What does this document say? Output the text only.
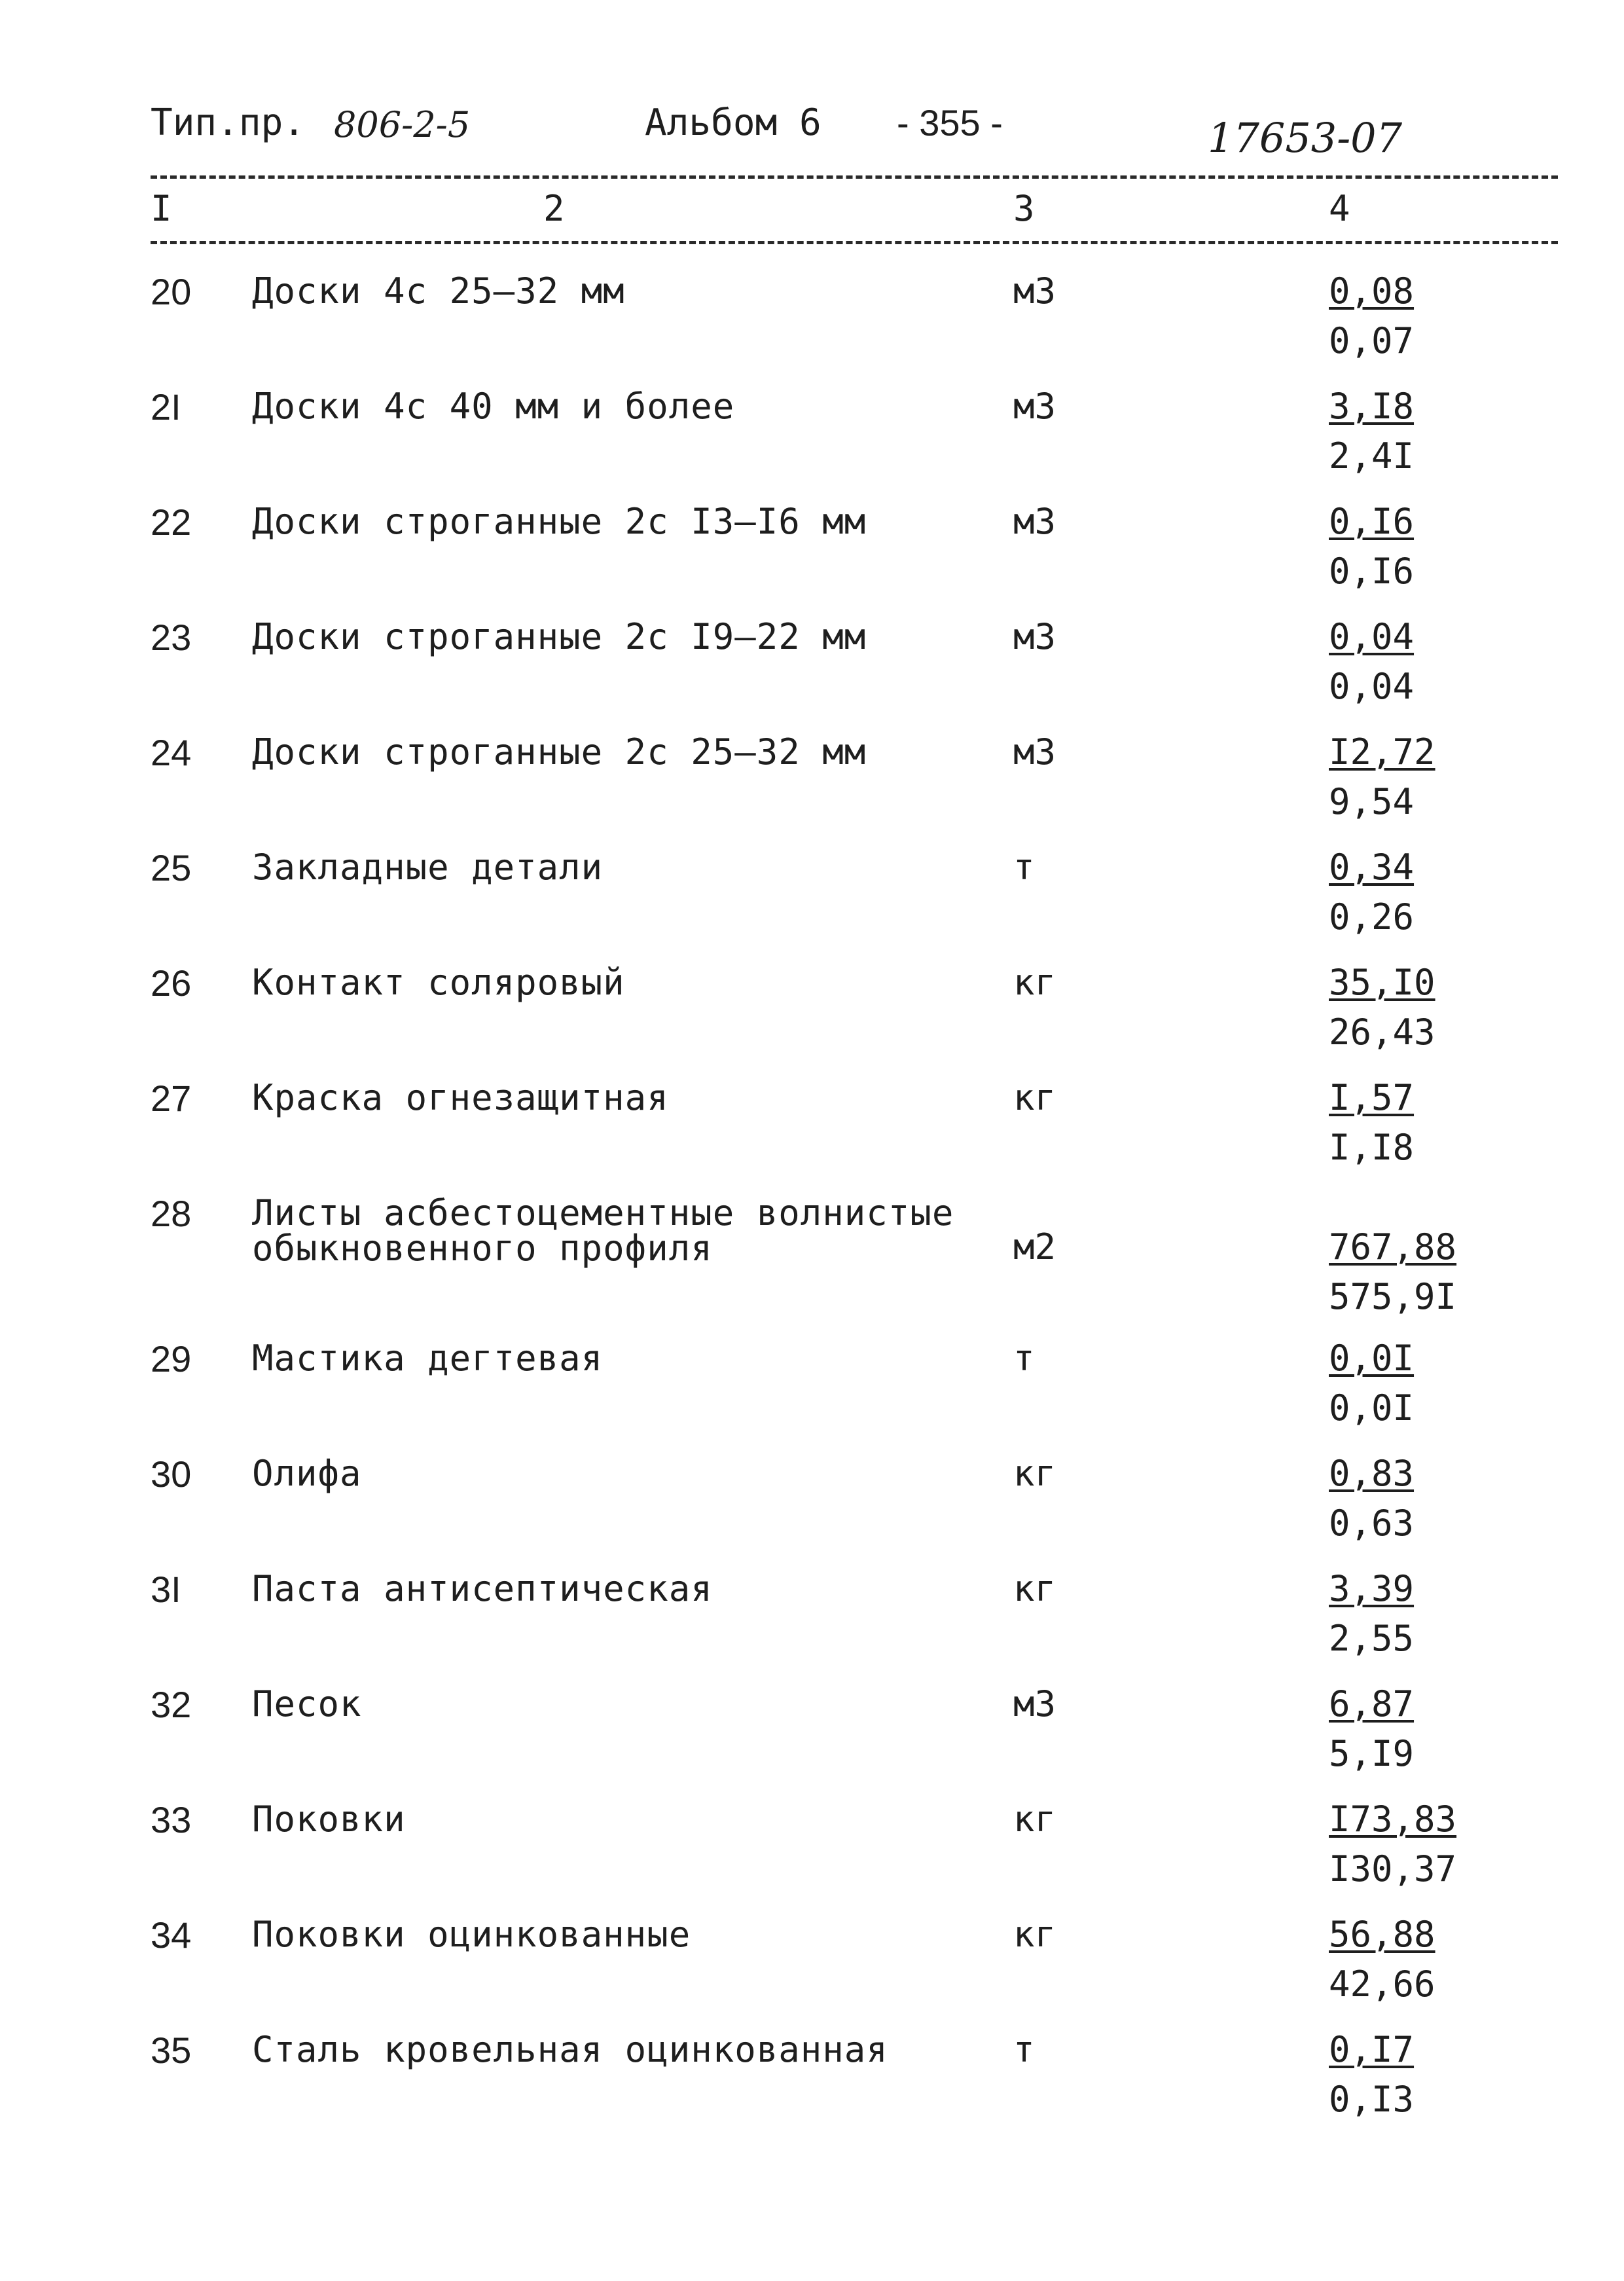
Тип.пр. 806-2-5	Альбом 6 - 355 -	17653-07
I	2	3	4
20 Доски 4с 25—32 мм	м3	0,08
0,07
2I Доски 4с 40 мм и более	м3	3,I8
2,4I
22 Доски строганные 2с I3—I6 мм	м3	0,I6
0,I6
23 Доски строганные 2с I9—22 мм	м3	0,04
0,04
24 Доски строганные 2с 25—32 мм	м3	I2,72
9,54
25 Закладные детали	т	0,34
0,26
26 Контакт соляровый	кг	35,I0
26,43
27 Краска огнезащитная	кг	I,57
I,I8
28 Листы асбестоцементные волнистые
обыкновенного профиля	м2	767,88
575,9I
29 Мастика дегтевая	т	0,0I
0,0I
30 Олифа	кг	0,83
0,63
3I Паста антисептическая	кг	3,39
2,55
32 Песок	м3	6,87
5,I9
33 Поковки	кг	I73,83
I30,37
34 Поковки оцинкованные	кг	56,88
42,66
35 Сталь кровельная оцинкованная	т	0,I7
0,I3
